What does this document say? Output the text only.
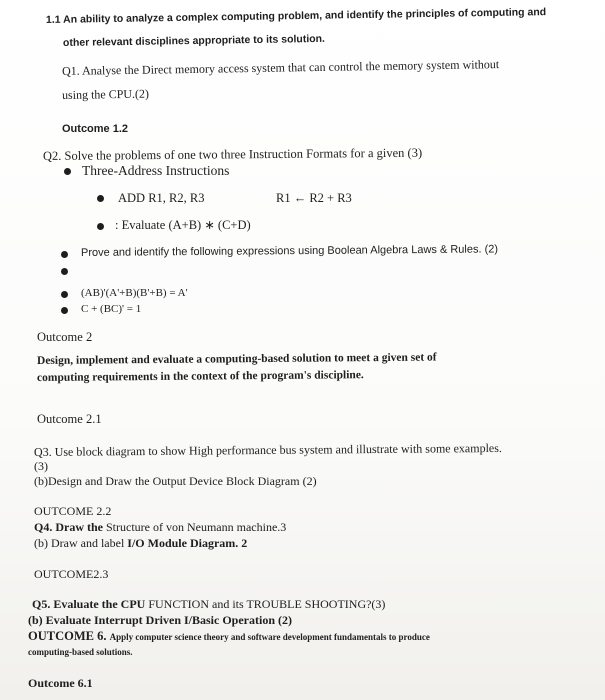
1.1 An ability to analyze a complex computing problem, and identify the principles of computing and
other relevant disciplines appropriate to its solution.
Q1. Analyse the Direct memory access system that can control the memory system without
using the CPU.(2)
Outcome 1.2
Q2. Solve the problems of one two three Instruction Formats for a given (3)
Three-Address Instructions
ADD R1, R2, R3	R1 ← R2 + R3
: Evaluate (A+B) ∗ (C+D)
Prove and identify the following expressions using Boolean Algebra Laws & Rules. (2)
(AB)'(A'+B)(B'+B) = A'
C + (BC)' = 1
Outcome 2
Design, implement and evaluate a computing-based solution to meet a given set of
computing requirements in the context of the program's discipline.
Outcome 2.1
Q3. Use block diagram to show High performance bus system and illustrate with some examples.
(3)
(b)Design and Draw the Output Device Block Diagram (2)
OUTCOME 2.2
Q4. Draw the Structure of von Neumann machine.3
(b) Draw and label I/O Module Diagram. 2
OUTCOME2.3
Q5. Evaluate the CPU FUNCTION and its TROUBLE SHOOTING?(3)
(b) Evaluate Interrupt Driven I/Basic Operation (2)
OUTCOME 6. Apply computer science theory and software development fundamentals to produce
computing-based solutions.
Outcome 6.1
